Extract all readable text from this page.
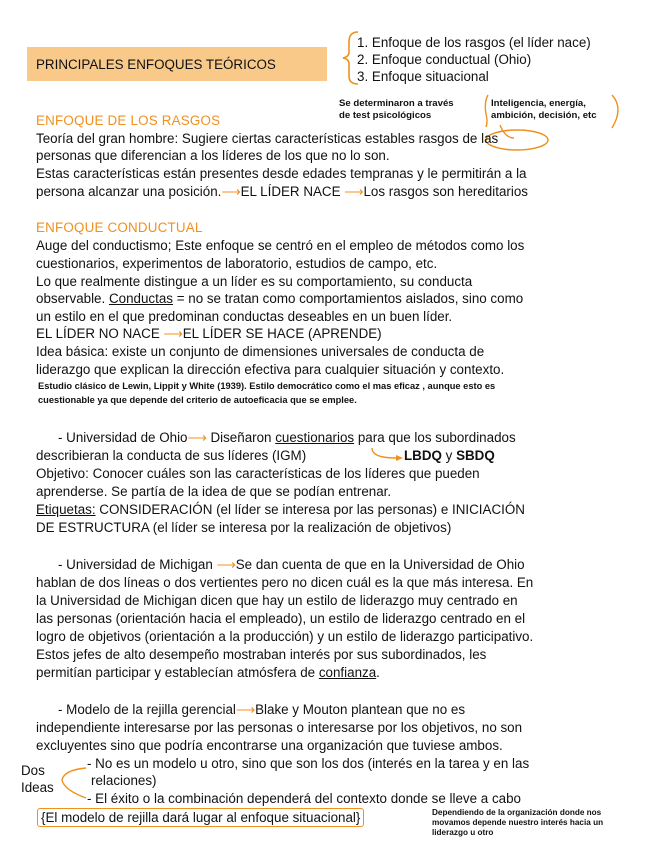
PRINCIPALES ENFOQUES TEÓRICOS
1. Enfoque de los rasgos (el líder nace)
2. Enfoque conductual (Ohio)
3. Enfoque situacional
Se determinaron a través
de test psicológicos
Inteligencia, energía,
ambición, decisión, etc
ENFOQUE DE LOS RASGOS
Teoría del gran hombre: Sugiere ciertas características estables rasgos de las
personas que diferencian a los líderes de los que no lo son.
Estas características están presentes desde edades tempranas y le permitirán a la
persona alcanzar una posición.⟶EL LÍDER NACE ⟶Los rasgos son hereditarios
ENFOQUE CONDUCTUAL
Auge del conductismo; Este enfoque se centró en el empleo de métodos como los
cuestionarios, experimentos de laboratorio, estudios de campo, etc.
Lo que realmente distingue a un líder es su comportamiento, su conducta
observable. Conductas = no se tratan como comportamientos aislados, sino como
un estilo en el que predominan conductas deseables en un buen líder.
EL LÍDER NO NACE ⟶EL LÍDER SE HACE (APRENDE)
Idea básica: existe un conjunto de dimensiones universales de conducta de
liderazgo que explican la dirección efectiva para cualquier situación y contexto.
Estudio clásico de Lewin, Lippit y White (1939). Estilo democrático como el mas eficaz , aunque esto es
cuestionable ya que depende del criterio de autoeficacia que se emplee.
- Universidad de Ohio⟶ Diseñaron cuestionarios para que los subordinados
describieran la conducta de sus líderes (IGM)	LBDQ y SBDQ
Objetivo: Conocer cuáles son las características de los líderes que pueden
aprenderse. Se partía de la idea de que se podían entrenar.
Etiquetas: CONSIDERACIÓN (el líder se interesa por las personas) e INICIACIÓN
DE ESTRUCTURA (el líder se interesa por la realización de objetivos)
- Universidad de Michigan ⟶Se dan cuenta de que en la Universidad de Ohio
hablan de dos líneas o dos vertientes pero no dicen cuál es la que más interesa. En
la Universidad de Michigan dicen que hay un estilo de liderazgo muy centrado en
las personas (orientación hacia el empleado), un estilo de liderazgo centrado en el
logro de objetivos (orientación a la producción) y un estilo de liderazgo participativo.
Estos jefes de alto desempeño mostraban interés por sus subordinados, les
permitían participar y establecían atmósfera de confianza.
- Modelo de la rejilla gerencial⟶Blake y Mouton plantean que no es
independiente interesarse por las personas o interesarse por los objetivos, no son
excluyentes sino que podría encontrarse una organización que tuviese ambos.
Dos
Ideas
- No es un modelo u otro, sino que son los dos (interés en la tarea y en las
relaciones)
- El éxito o la combinación dependerá del contexto donde se lleve a cabo
{El modelo de rejilla dará lugar al enfoque situacional}	Dependiendo de la organización donde nos
movamos depende nuestro interés hacia un
liderazgo u otro
